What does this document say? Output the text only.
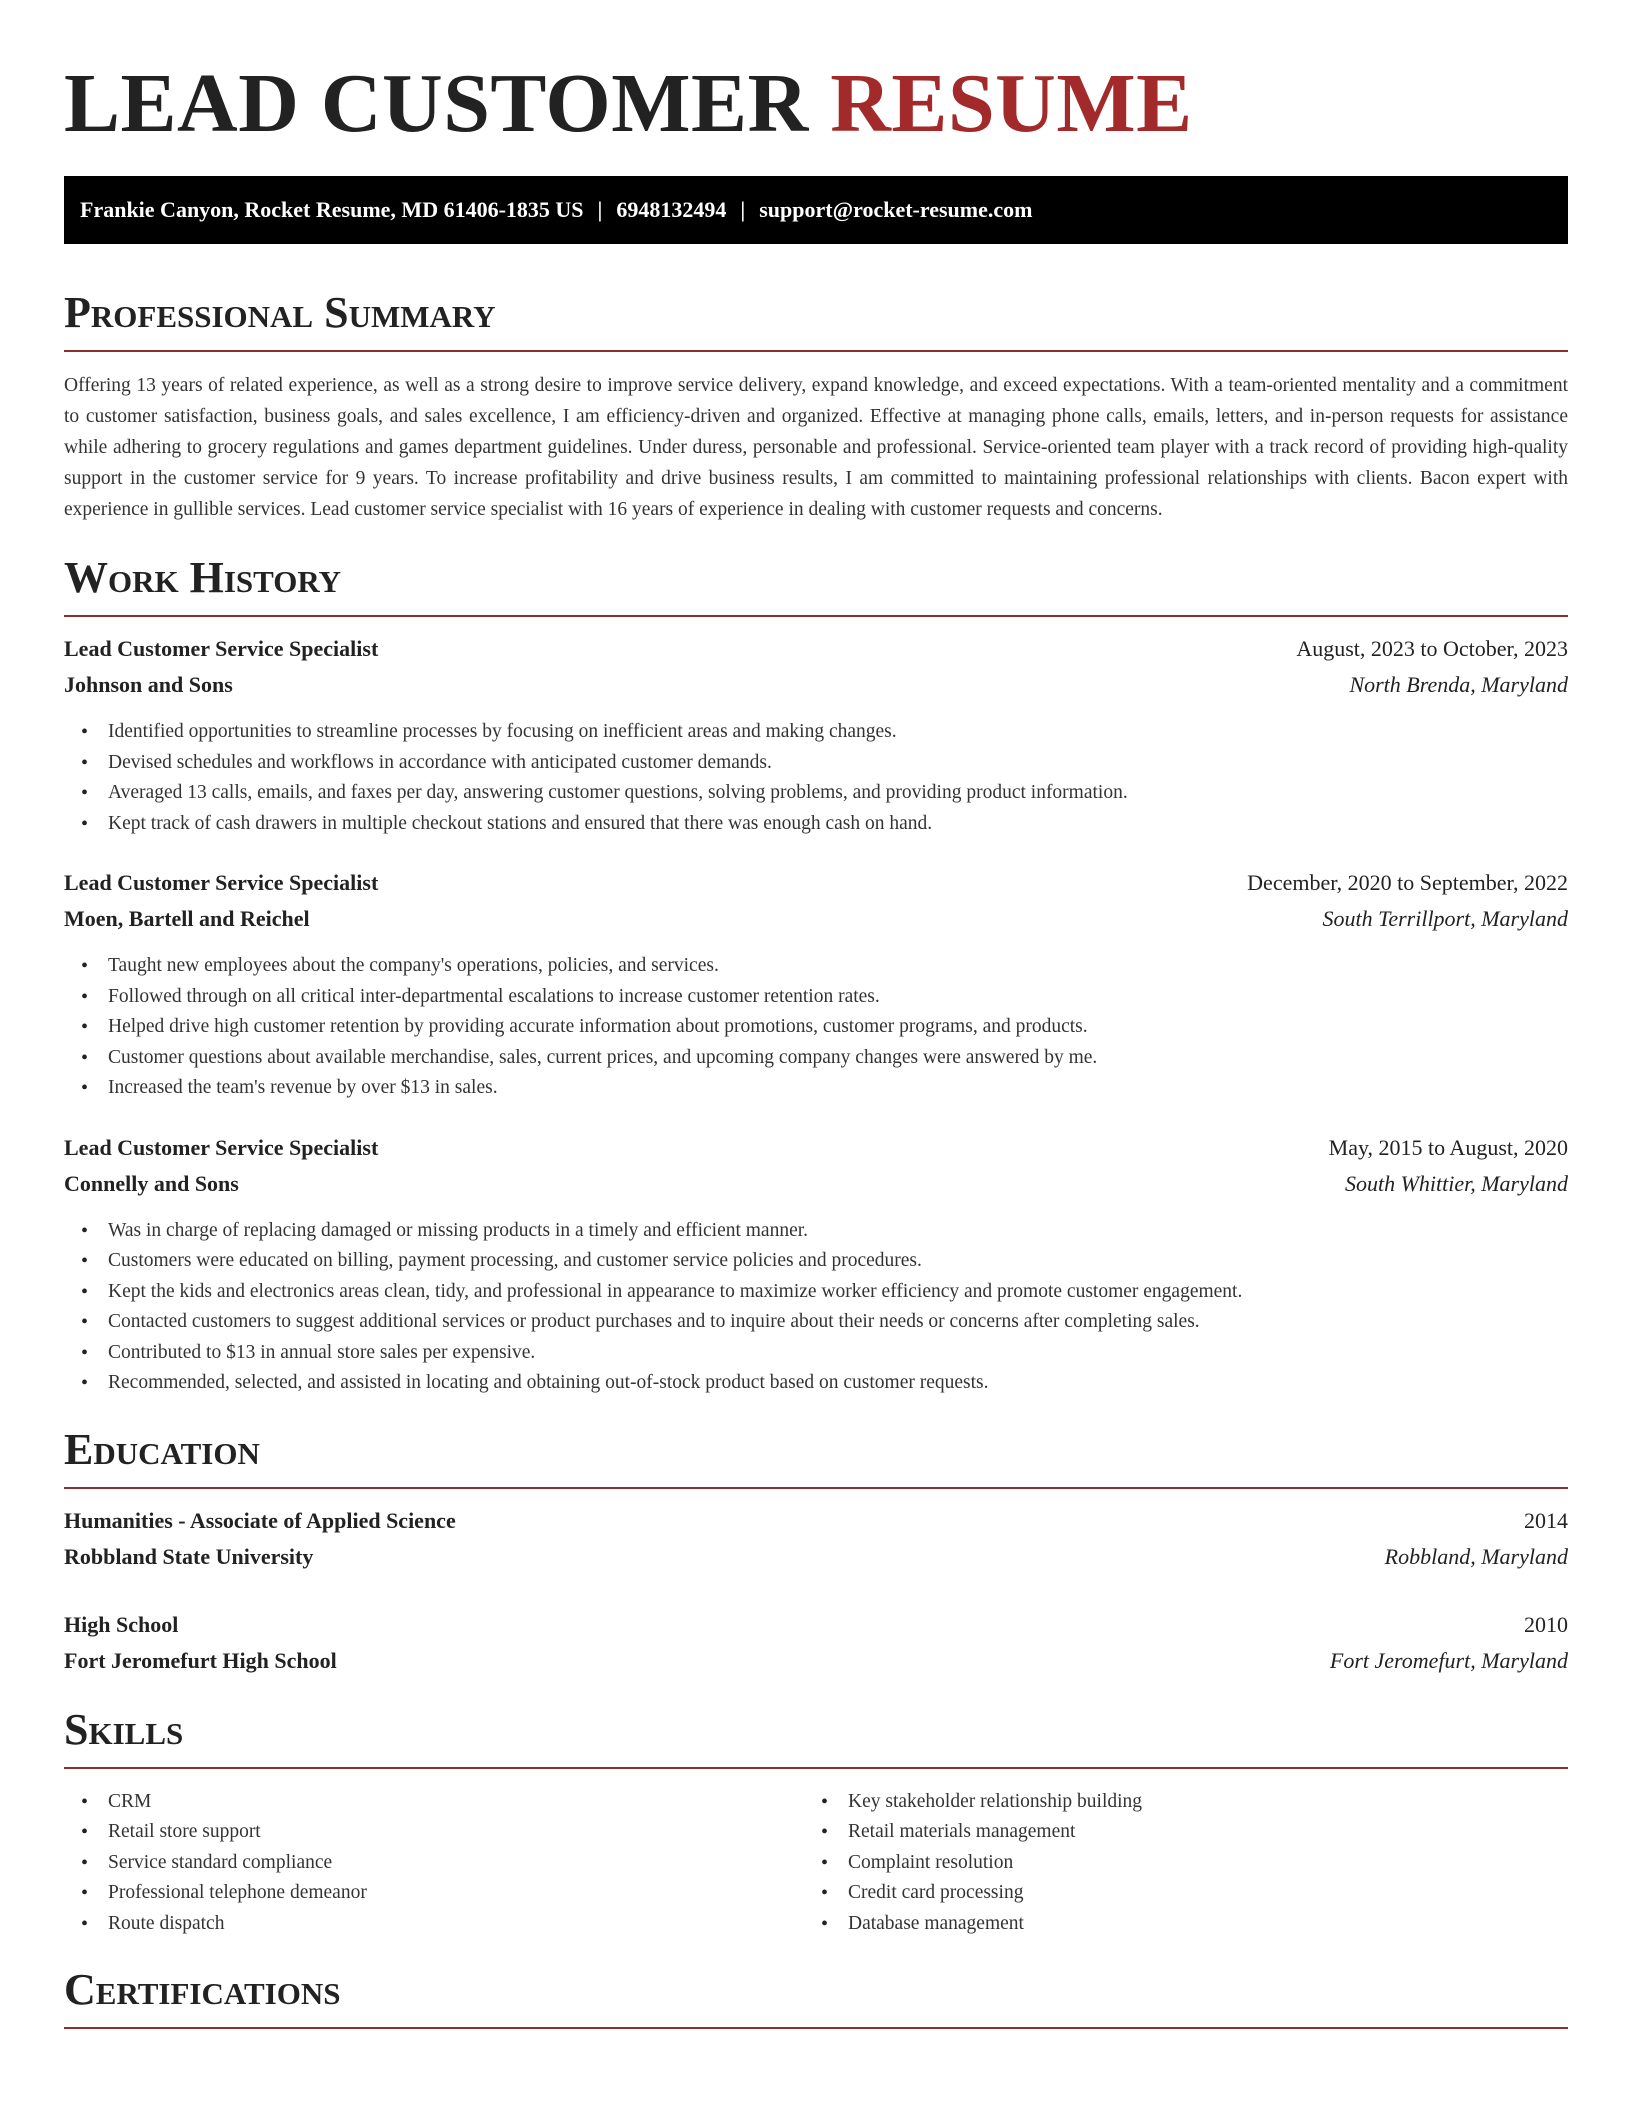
LEAD CUSTOMER RESUME
Frankie Canyon, Rocket Resume, MD 61406-1835 US | 6948132494 | support@rocket-resume.com
Professional Summary

Offering 13 years of related experience, as well as a strong desire to improve service delivery, expand knowledge, and exceed expectations. With a team-oriented mentality and a commitment to customer satisfaction, business goals, and sales excellence, I am efficiency-driven and organized. Effective at managing phone calls, emails, letters, and in-person requests for assistance while adhering to grocery regulations and games department guidelines. Under duress, personable and professional. Service-oriented team player with a track record of providing high-quality support in the customer service for 9 years. To increase profitability and drive business results, I am committed to maintaining professional relationships with clients. Bacon expert with experience in gullible services. Lead customer service specialist with 16 years of experience in dealing with customer requests and concerns.

Work History
Lead Customer Service Specialist	August, 2023 to October, 2023
Johnson and Sons	North Brenda, Maryland
• Identified opportunities to streamline processes by focusing on inefficient areas and making changes.
• Devised schedules and workflows in accordance with anticipated customer demands.
• Averaged 13 calls, emails, and faxes per day, answering customer questions, solving problems, and providing product information.
• Kept track of cash drawers in multiple checkout stations and ensured that there was enough cash on hand.
Lead Customer Service Specialist	December, 2020 to September, 2022
Moen, Bartell and Reichel	South Terrillport, Maryland
• Taught new employees about the company's operations, policies, and services.
• Followed through on all critical inter-departmental escalations to increase customer retention rates.
• Helped drive high customer retention by providing accurate information about promotions, customer programs, and products.
• Customer questions about available merchandise, sales, current prices, and upcoming company changes were answered by me.
• Increased the team's revenue by over $13 in sales.
Lead Customer Service Specialist	May, 2015 to August, 2020
Connelly and Sons	South Whittier, Maryland
• Was in charge of replacing damaged or missing products in a timely and efficient manner.
• Customers were educated on billing, payment processing, and customer service policies and procedures.
• Kept the kids and electronics areas clean, tidy, and professional in appearance to maximize worker efficiency and promote customer engagement.
• Contacted customers to suggest additional services or product purchases and to inquire about their needs or concerns after completing sales.
• Contributed to $13 in annual store sales per expensive.
• Recommended, selected, and assisted in locating and obtaining out-of-stock product based on customer requests.
Education
Humanities - Associate of Applied Science	2014
Robbland State University	Robbland, Maryland
High School	2010
Fort Jeromefurt High School	Fort Jeromefurt, Maryland
Skills
• CRM
• Retail store support
• Service standard compliance
• Professional telephone demeanor
• Route dispatch
• Key stakeholder relationship building
• Retail materials management
• Complaint resolution
• Credit card processing
• Database management
Certifications
